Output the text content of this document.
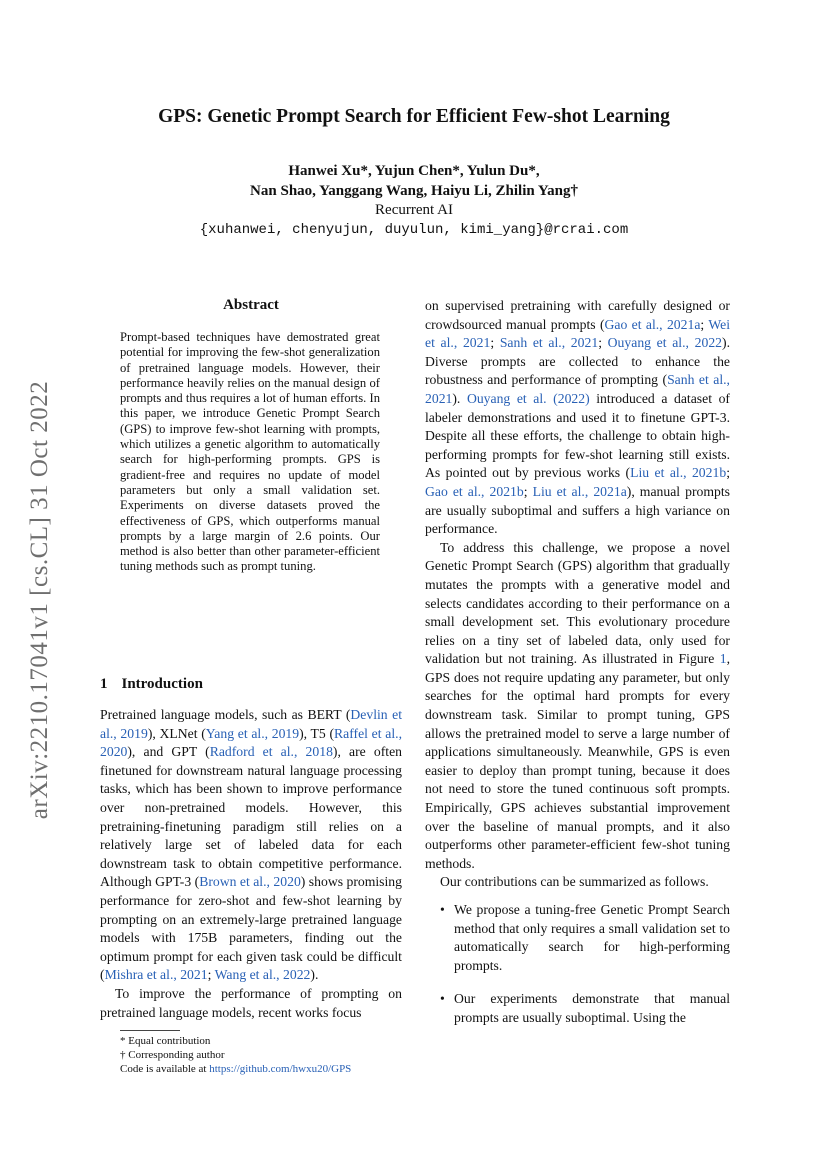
arXiv:2210.17041v1 [cs.CL] 31 Oct 2022
GPS: Genetic Prompt Search for Efficient Few-shot Learning
Hanwei Xu*, Yujun Chen*, Yulun Du*,
Nan Shao, Yanggang Wang, Haiyu Li, Zhilin Yang†
Recurrent AI
{xuhanwei, chenyujun, duyulun, kimi_yang}@rcrai.com
Abstract
Prompt-based techniques have demostrated great potential for improving the few-shot generalization of pretrained language models. However, their performance heavily relies on the manual design of prompts and thus requires a lot of human efforts. In this paper, we introduce Genetic Prompt Search (GPS) to improve few-shot learning with prompts, which utilizes a genetic algorithm to automatically search for high-performing prompts. GPS is gradient-free and requires no update of model parameters but only a small validation set. Experiments on diverse datasets proved the effectiveness of GPS, which outperforms manual prompts by a large margin of 2.6 points. Our method is also better than other parameter-efficient tuning methods such as prompt tuning.
1 Introduction

Pretrained language models, such as BERT (Devlin et al., 2019), XLNet (Yang et al., 2019), T5 (Raffel et al., 2020), and GPT (Radford et al., 2018), are often finetuned for downstream natural language processing tasks, which has been shown to improve performance over non-pretrained models. However, this pretraining-finetuning paradigm still relies on a relatively large set of labeled data for each downstream task to obtain competitive performance. Although GPT-3 (Brown et al., 2020) shows promising performance for zero-shot and few-shot learning by prompting on an extremely-large pretrained language models with 175B parameters, finding out the optimum prompt for each given task could be difficult (Mishra et al., 2021; Wang et al., 2022).

To improve the performance of prompting on pretrained language models, recent works focus

on supervised pretraining with carefully designed or crowdsourced manual prompts (Gao et al., 2021a; Wei et al., 2021; Sanh et al., 2021; Ouyang et al., 2022). Diverse prompts are collected to enhance the robustness and performance of prompting (Sanh et al., 2021). Ouyang et al. (2022) introduced a dataset of labeler demonstrations and used it to finetune GPT-3. Despite all these efforts, the challenge to obtain high-performing prompts for few-shot learning still exists. As pointed out by previous works (Liu et al., 2021b; Gao et al., 2021b; Liu et al., 2021a), manual prompts are usually suboptimal and suffers a high variance on performance.

To address this challenge, we propose a novel Genetic Prompt Search (GPS) algorithm that gradually mutates the prompts with a generative model and selects candidates according to their performance on a small development set. This evolutionary procedure relies on a tiny set of labeled data, only used for validation but not training. As illustrated in Figure 1, GPS does not require updating any parameter, but only searches for the optimal hard prompts for every downstream task. Similar to prompt tuning, GPS allows the pretrained model to serve a large number of applications simultaneously. Meanwhile, GPS is even easier to deploy than prompt tuning, because it does not need to store the tuned continuous soft prompts. Empirically, GPS achieves substantial improvement over the baseline of manual prompts, and it also outperforms other parameter-efficient few-shot tuning methods.

Our contributions can be summarized as follows.

• We propose a tuning-free Genetic Prompt Search method that only requires a small validation set to automatically search for high-performing prompts.
• Our experiments demonstrate that manual prompts are usually suboptimal. Using the
* Equal contribution
† Corresponding author
Code is available at https://github.com/hwxu20/GPS
